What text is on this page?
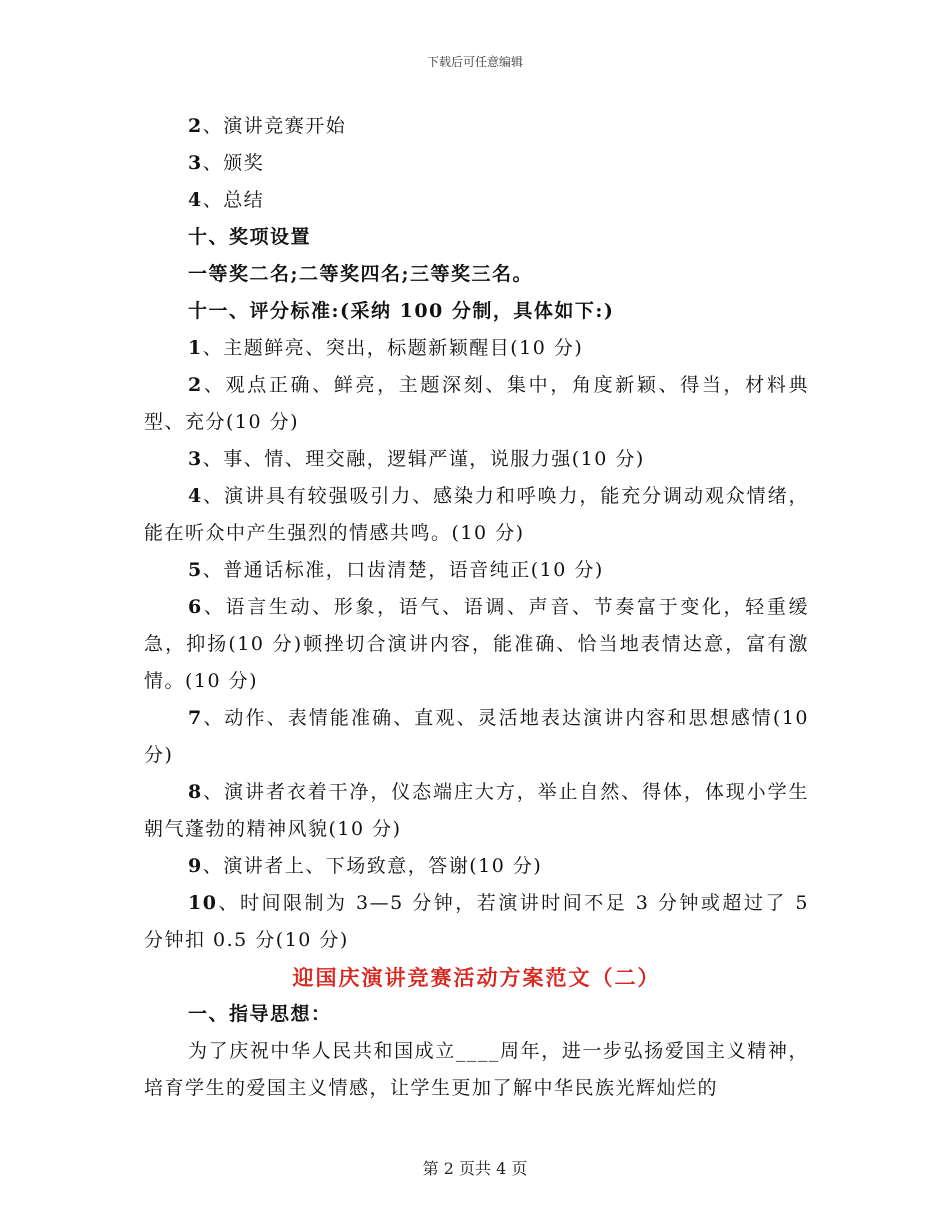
下载后可任意编辑

2、演讲竞赛开始

3、颁奖

4、总结

十、奖项设置

一等奖二名;二等奖四名;三等奖三名。

十一、评分标准:(采纳 100 分制，具体如下:)

1、主题鲜亮、突出，标题新颖醒目(10 分)

2、观点正确、鲜亮，主题深刻、集中，角度新颖、得当，材料典型、充分(10 分)

3、事、情、理交融，逻辑严谨，说服力强(10 分)

4、演讲具有较强吸引力、感染力和呼唤力，能充分调动观众情绪，能在听众中产生强烈的情感共鸣。(10 分)

5、普通话标准，口齿清楚，语音纯正(10 分)

6、语言生动、形象，语气、语调、声音、节奏富于变化，轻重缓急，抑扬(10 分)顿挫切合演讲内容，能准确、恰当地表情达意，富有激情。(10 分)

7、动作、表情能准确、直观、灵活地表达演讲内容和思想感情(10 分)

8、演讲者衣着干净，仪态端庄大方，举止自然、得体，体现小学生朝气蓬勃的精神风貌(10 分)

9、演讲者上、下场致意，答谢(10 分)

10、时间限制为 3—5 分钟，若演讲时间不足 3 分钟或超过了 5 分钟扣 0.5 分(10 分)

迎国庆演讲竞赛活动方案范文（二）

一、指导思想：

为了庆祝中华人民共和国成立____周年，进一步弘扬爱国主义精神，培育学生的爱国主义情感，让学生更加了解中华民族光辉灿烂的

第 2 页共 4 页
